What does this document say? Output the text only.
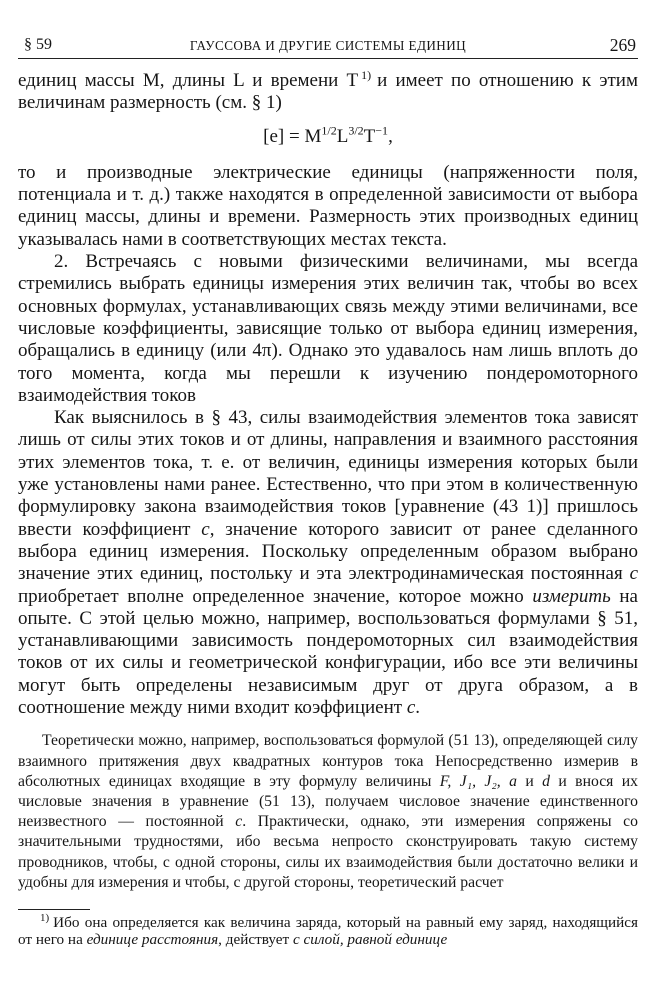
§ 59	ГАУССОВА И ДРУГИЕ СИСТЕМЫ ЕДИНИЦ	269

единиц массы M, длины L и времени T $^{1)}$ и имеет по отношению к этим величинам размерность (см. § 1)

$[e] = M^{1/2}L^{3/2}T^{-1}$,

то и производные электрические единицы (напряженности поля, потенциала и т. д.) также находятся в определенной зависимости от выбора единиц массы, длины и времени. Размерность этих производных единиц указывалась нами в соответствующих местах текста.

2. Встречаясь с новыми физическими величинами, мы всегда стремились выбрать единицы измерения этих величин так, чтобы во всех основных формулах, устанавливающих связь между этими величинами, все числовые коэффициенты, зависящие только от выбора единиц измерения, обращались в единицу (или 4π). Однако это удавалось нам лишь вплоть до того момента, когда мы перешли к изучению пондеромоторного взаимодействия токов

Как выяснилось в § 43, силы взаимодействия элементов тока зависят лишь от силы этих токов и от длины, направления и взаимного расстояния этих элементов тока, т. е. от величин, единицы измерения которых были уже установлены нами ранее. Естественно, что при этом в количественную формулировку закона взаимодействия токов [уравнение (43 1)] пришлось ввести коэффициент c, значение которого зависит от ранее сделанного выбора единиц измерения. Поскольку определенным образом выбрано значение этих единиц, постольку и эта электродинамическая постоянная c приобретает вполне определенное значение, которое можно измерить на опыте. С этой целью можно, например, воспользоваться формулами § 51, устанавливающими зависимость пондеромоторных сил взаимодействия токов от их силы и геометрической конфигурации, ибо все эти величины могут быть определены независимым друг от друга образом, а в соотношение между ними входит коэффициент c.

Теоретически можно, например, воспользоваться формулой (51 13), определяющей силу взаимного притяжения двух квадратных контуров тока Непосредственно измерив в абсолютных единицах входящие в эту формулу величины F, J₁, J₂, a и d и внося их числовые значения в уравнение (51 13), получаем числовое значение единственного неизвестного — постоянной c. Практически, однако, эти измерения сопряжены со значительными трудностями, ибо весьма непросто сконструировать такую систему проводников, чтобы, с одной стороны, силы их взаимодействия были достаточно велики и удобны для измерения и чтобы, с другой стороны, теоретический расчет

$^{1)}$ Ибо она определяется как величина заряда, который на равный ему заряд, находящийся от него на единице расстояния, действует с силой, равной единице
